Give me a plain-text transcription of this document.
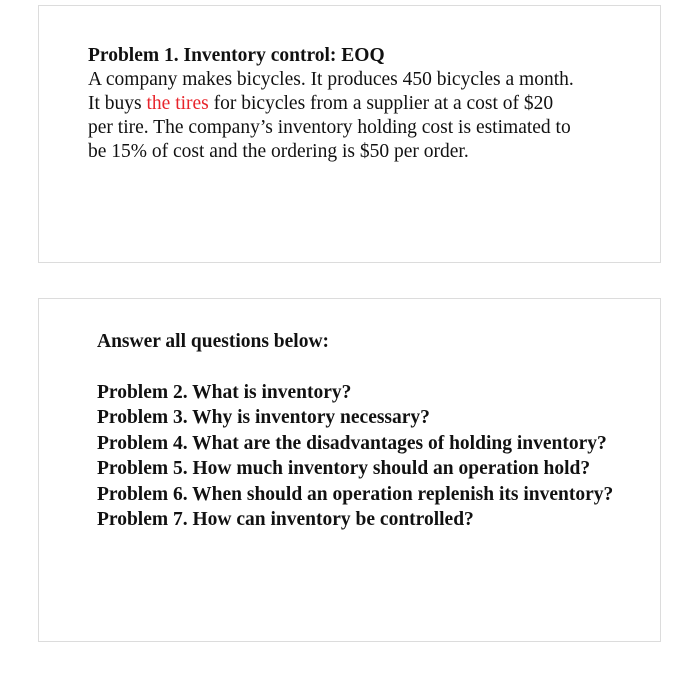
Problem 1. Inventory control: EOQ
A company makes bicycles. It produces 450 bicycles a month.
It buys the tires for bicycles from a supplier at a cost of $20
per tire. The company’s inventory holding cost is estimated to
be 15% of cost and the ordering is $50 per order.
Answer all questions below:
Problem 2. What is inventory?
Problem 3. Why is inventory necessary?
Problem 4. What are the disadvantages of holding inventory?
Problem 5. How much inventory should an operation hold?
Problem 6. When should an operation replenish its inventory?
Problem 7. How can inventory be controlled?
